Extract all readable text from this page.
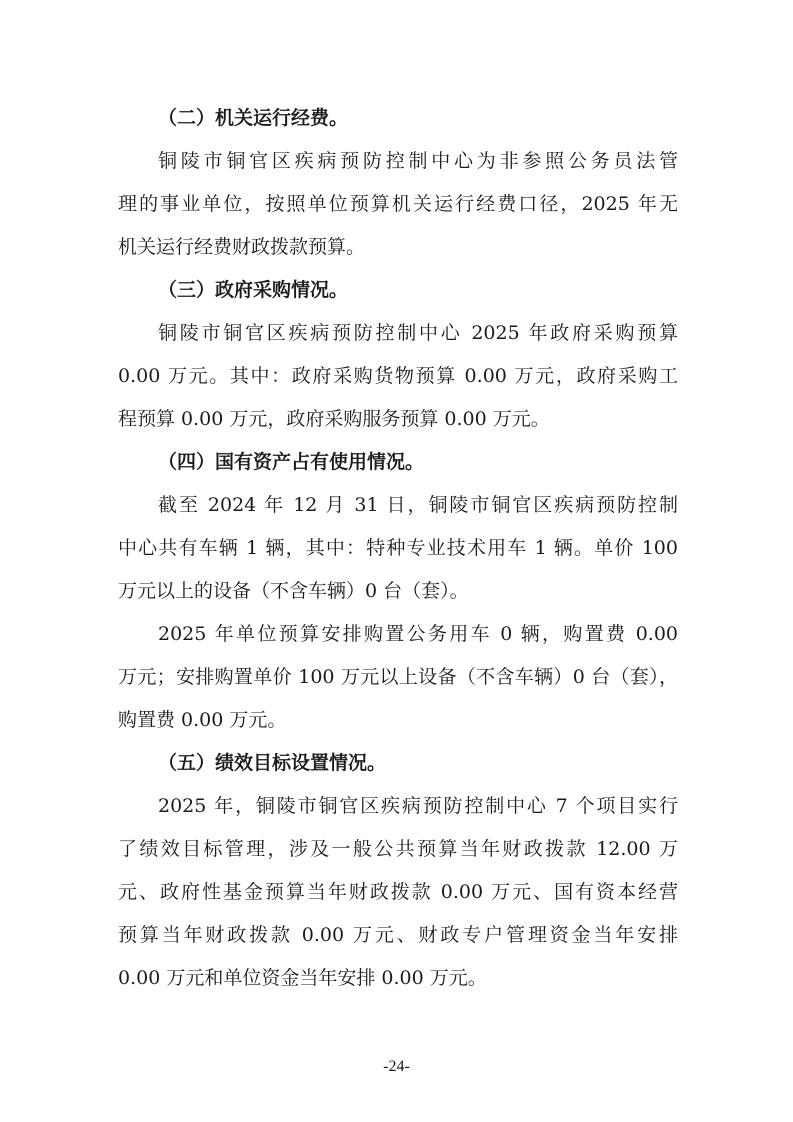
（二）机关运行经费。
铜陵市铜官区疾病预防控制中心为非参照公务员法管
理的事业单位，按照单位预算机关运行经费口径，2025 年无
机关运行经费财政拨款预算。
（三）政府采购情况。
铜陵市铜官区疾病预防控制中心 2025 年政府采购预算
0.00 万元。其中：政府采购货物预算 0.00 万元，政府采购工
程预算 0.00 万元，政府采购服务预算 0.00 万元。
（四）国有资产占有使用情况。
截至 2024 年 12 月 31 日，铜陵市铜官区疾病预防控制
中心共有车辆 1 辆，其中：特种专业技术用车 1 辆。单价 100
万元以上的设备（不含车辆）0 台（套）。
2025 年单位预算安排购置公务用车 0 辆，购置费 0.00
万元；安排购置单价 100 万元以上设备（不含车辆）0 台（套），
购置费 0.00 万元。
（五）绩效目标设置情况。
2025 年，铜陵市铜官区疾病预防控制中心 7 个项目实行
了绩效目标管理，涉及一般公共预算当年财政拨款 12.00 万
元、政府性基金预算当年财政拨款 0.00 万元、国有资本经营
预算当年财政拨款 0.00 万元、财政专户管理资金当年安排
0.00 万元和单位资金当年安排 0.00 万元。
-24-
